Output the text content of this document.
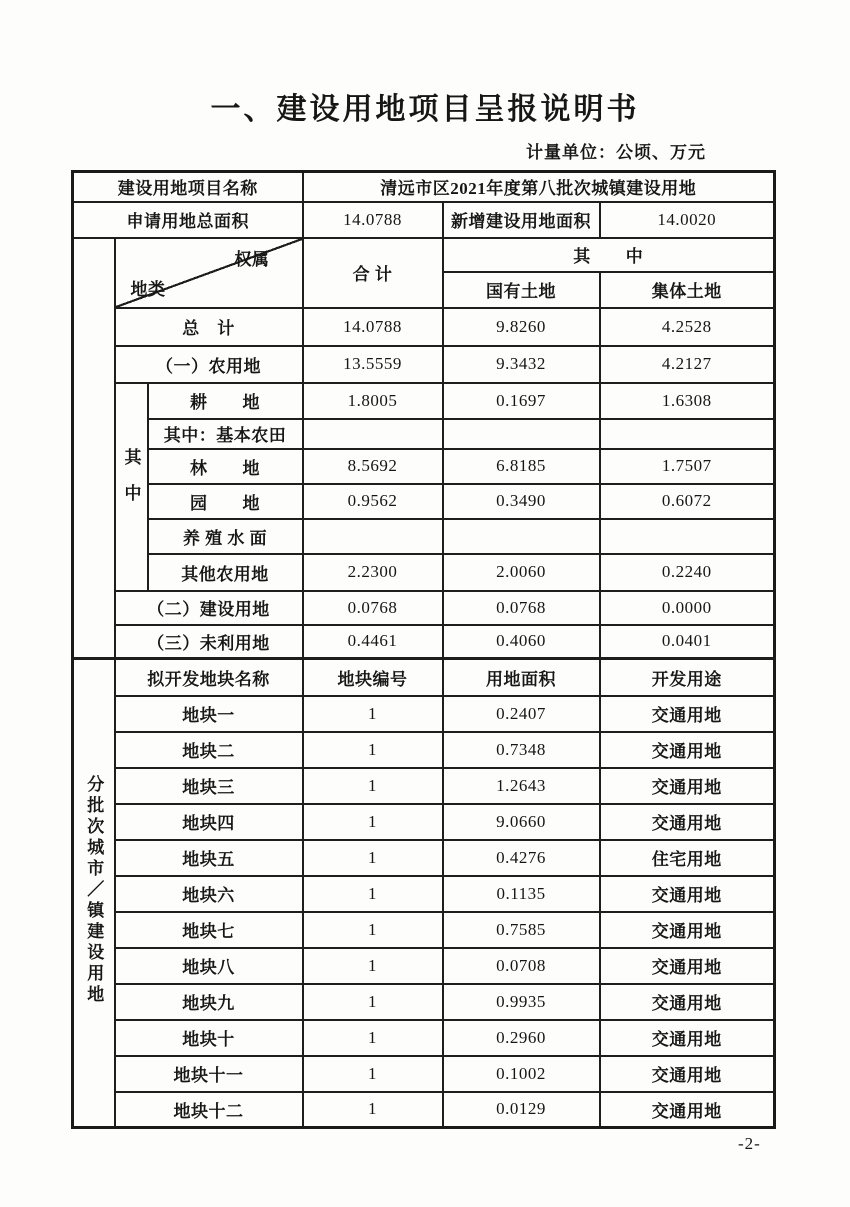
一、建设用地项目呈报说明书
计量单位：公顷、万元
建设用地项目名称			清远市区2021年度第八批次城镇建设用地		
申请用地总面积			14.0788	新增建设用地面积	14.0020

	权属
地类		合 计	其　　中	
				国有土地	集体土地
	总　计		14.0788	9.8260	4.2528
	（一）农用地		13.5559	9.3432	4.2127
	其中	耕　　地	1.8005	0.1697	1.6308
		其中：基本农田			
		林　　地	8.5692	6.8185	1.7507
		园　　地	0.9562	0.3490	0.6072
		养 殖 水 面			
		其他农用地	2.2300	2.0060	0.2240
	（二）建设用地		0.0768	0.0768	0.0000
	（三）未利用地		0.4461	0.4060	0.0401
分批次城市／镇建设用地	拟开发地块名称		地块编号	用地面积	开发用途
	地块一		1	0.2407	交通用地
	地块二		1	0.7348	交通用地
	地块三		1	1.2643	交通用地
	地块四		1	9.0660	交通用地
	地块五		1	0.4276	住宅用地
	地块六		1	0.1135	交通用地
	地块七		1	0.7585	交通用地
	地块八		1	0.0708	交通用地
	地块九		1	0.9935	交通用地
	地块十		1	0.2960	交通用地
	地块十一		1	0.1002	交通用地
	地块十二		1	0.0129	交通用地
-2-
